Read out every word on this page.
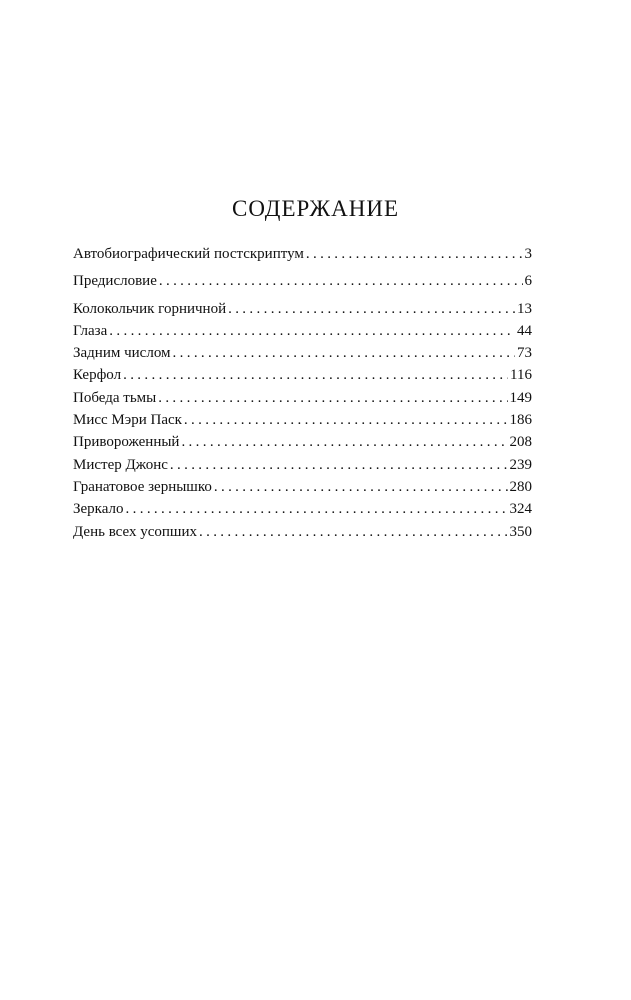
СОДЕРЖАНИЕ
Автобиографический постскриптум . . .	3
Предисловие . . .	6
Колокольчик горничной . . .	13
Глаза . . .	44
Задним числом . . .	73
Керфол . . .	116
Победа тьмы . . .	149
Мисс Мэри Паск . . .	186
Привороженный . . .	208
Мистер Джонс . . .	239
Гранатовое зернышко . . .	280
Зеркало . . .	324
День всех усопших . . .	350
